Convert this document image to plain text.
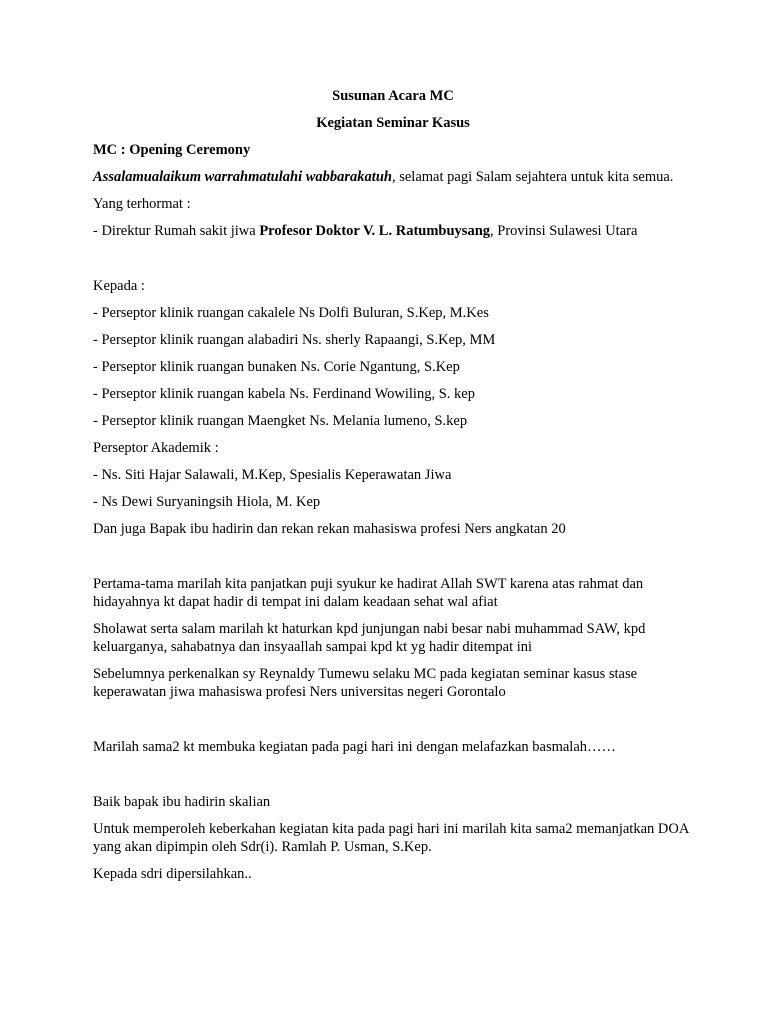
Susunan Acara MC

Kegiatan Seminar Kasus

MC : Opening Ceremony

Assalamualaikum warrahmatulahi wabbarakatuh, selamat pagi Salam sejahtera untuk kita semua.

Yang terhormat :

- Direktur Rumah sakit jiwa Profesor Doktor V. L. Ratumbuysang, Provinsi Sulawesi Utara

Kepada :

- Perseptor klinik ruangan cakalele Ns Dolfi Buluran, S.Kep, M.Kes

- Perseptor klinik ruangan alabadiri Ns. sherly Rapaangi, S.Kep, MM

- Perseptor klinik ruangan bunaken Ns. Corie Ngantung, S.Kep

- Perseptor klinik ruangan kabela Ns. Ferdinand Wowiling, S. kep

- Perseptor klinik ruangan Maengket Ns. Melania lumeno, S.kep

Perseptor Akademik :

- Ns. Siti Hajar Salawali, M.Kep, Spesialis Keperawatan Jiwa

- Ns Dewi Suryaningsih Hiola, M. Kep

Dan juga Bapak ibu hadirin dan rekan rekan mahasiswa profesi Ners angkatan 20

Pertama-tama marilah kita panjatkan puji syukur ke hadirat Allah SWT karena atas rahmat dan hidayahnya kt dapat hadir di tempat ini dalam keadaan sehat wal afiat

Sholawat serta salam marilah kt haturkan kpd junjungan nabi besar nabi muhammad SAW, kpd keluarganya, sahabatnya dan insyaallah sampai kpd kt yg hadir ditempat ini

Sebelumnya perkenalkan sy Reynaldy Tumewu selaku MC pada kegiatan seminar kasus stase keperawatan jiwa mahasiswa profesi Ners universitas negeri Gorontalo

Marilah sama2 kt membuka kegiatan pada pagi hari ini dengan melafazkan basmalah……

Baik bapak ibu hadirin skalian

Untuk memperoleh keberkahan kegiatan kita pada pagi hari ini marilah kita sama2 memanjatkan DOA yang akan dipimpin oleh Sdr(i). Ramlah P. Usman, S.Kep.

Kepada sdri dipersilahkan..
